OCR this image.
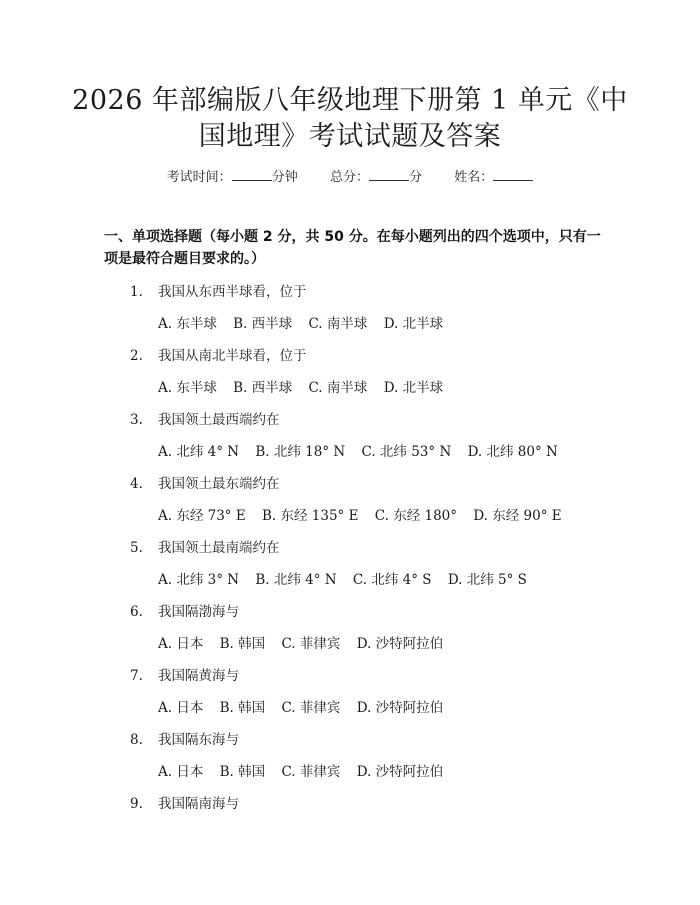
2026 年部编版八年级地理下册第 1 单元《中
国地理》考试试题及答案
考试时间：	分钟 总分：	分 姓名：
一、单项选择题（每小题 2 分，共 50 分。在每小题列出的四个选项中，只有一项是最符合题目要求的。）
1. 我国从东西半球看，位于
A. 东半球 B. 西半球 C. 南半球 D. 北半球
2. 我国从南北半球看，位于
A. 东半球 B. 西半球 C. 南半球 D. 北半球
3. 我国领土最西端约在
A. 北纬 4° N B. 北纬 18° N C. 北纬 53° N D. 北纬 80° N
4. 我国领土最东端约在
A. 东经 73° E B. 东经 135° E C. 东经 180° D. 东经 90° E
5. 我国领土最南端约在
A. 北纬 3° N B. 北纬 4° N C. 北纬 4° S D. 北纬 5° S
6. 我国隔渤海与
A. 日本 B. 韩国 C. 菲律宾 D. 沙特阿拉伯
7. 我国隔黄海与
A. 日本 B. 韩国 C. 菲律宾 D. 沙特阿拉伯
8. 我国隔东海与
A. 日本 B. 韩国 C. 菲律宾 D. 沙特阿拉伯
9. 我国隔南海与
